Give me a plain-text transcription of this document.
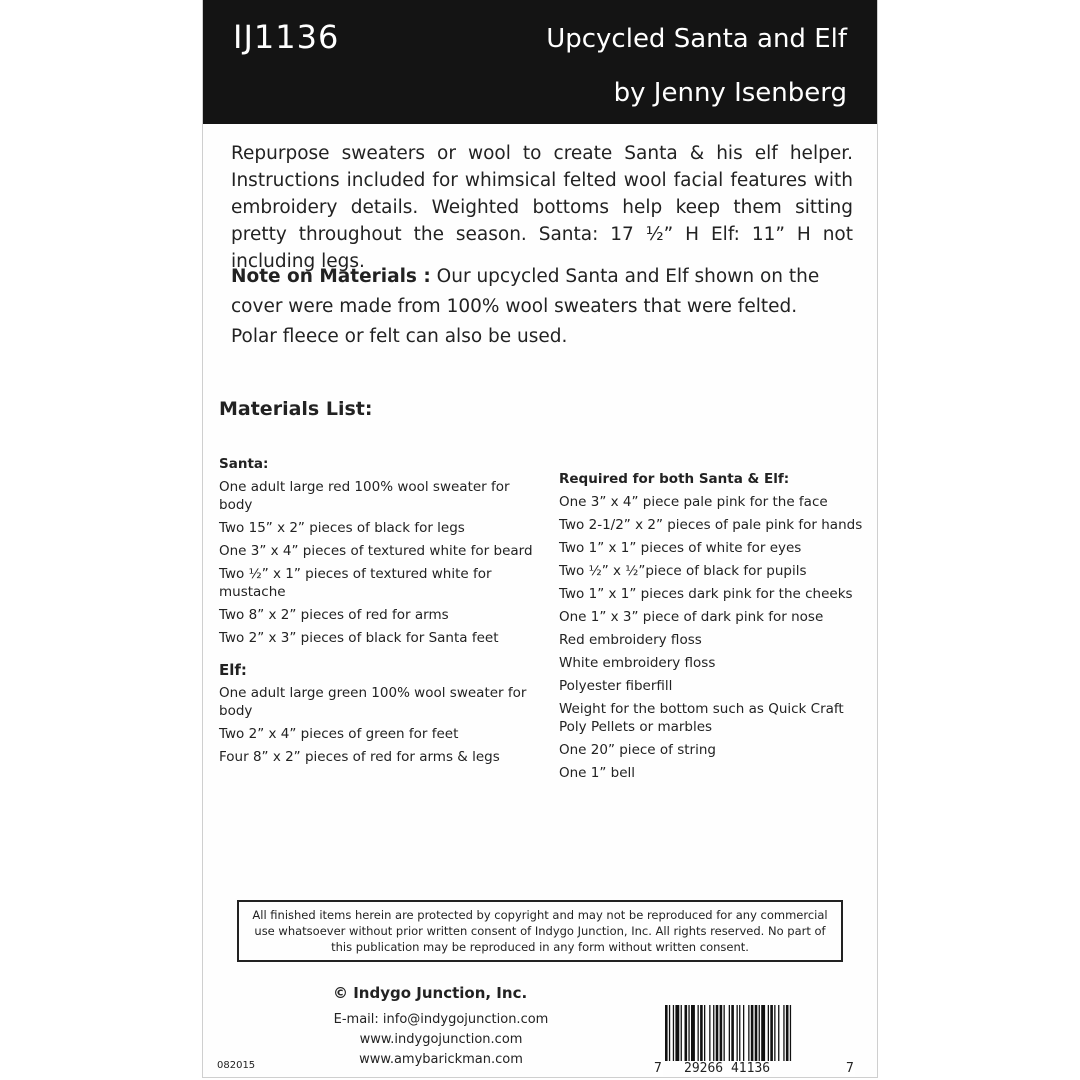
IJ1136	Upcycled Santa and Elf
by Jenny Isenberg
Repurpose sweaters or wool to create Santa & his elf helper. Instructions included for whimsical felted wool facial features with embroidery details. Weighted bottoms help keep them sitting pretty throughout the season. Santa: 17 ½” H Elf: 11” H not including legs.
Note on Materials : Our upcycled Santa and Elf shown on the cover were made from 100% wool sweaters that were felted. Polar fleece or felt can also be used.
Materials List:
Santa:
One adult large red 100% wool sweater for body
Two 15” x 2” pieces of black for legs
One 3” x 4” pieces of textured white for beard
Two ½” x 1” pieces of textured white for mustache
Two 8” x 2” pieces of red for arms
Two 2” x 3” pieces of black for Santa feet
Elf:
One adult large green 100% wool sweater for body
Two 2” x 4” pieces of green for feet
Four 8” x 2” pieces of red for arms & legs
Required for both Santa & Elf:
One 3” x 4” piece pale pink for the face
Two 2-1/2” x 2” pieces of pale pink for hands
Two 1” x 1” pieces of white for eyes
Two ½” x ½”piece of black for pupils
Two 1” x 1” pieces dark pink for the cheeks
One 1” x 3” piece of dark pink for nose
Red embroidery floss
White embroidery floss
Polyester fiberfill
Weight for the bottom such as Quick Craft Poly Pellets or marbles
One 20” piece of string
One 1” bell
All finished items herein are protected by copyright and may not be reproduced for any commercial use whatsoever without prior written consent of Indygo Junction, Inc. All rights reserved. No part of this publication may be reproduced in any form without written consent.
© Indygo Junction, Inc.
E-mail: info@indygojunction.com
www.indygojunction.com
www.amybarickman.com
082015	7 29266 41136	7
